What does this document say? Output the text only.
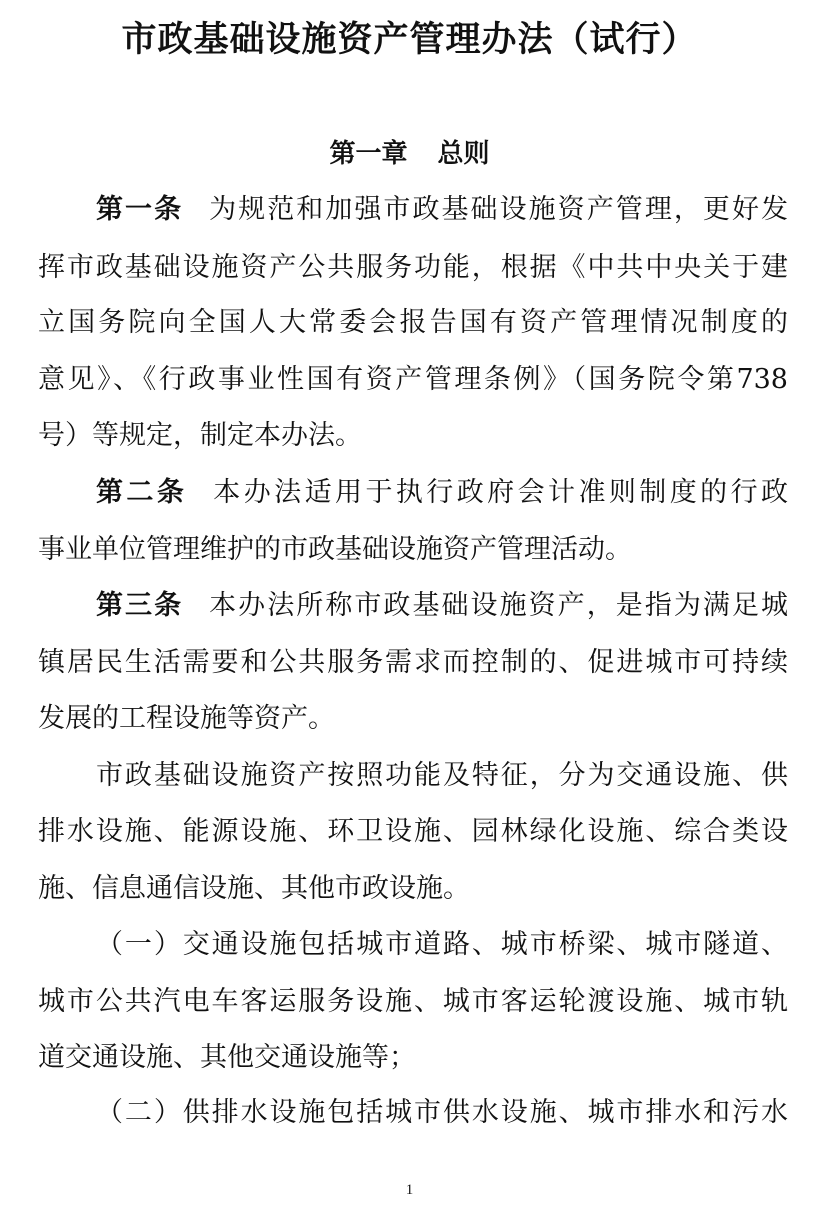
市政基础设施资产管理办法（试行）
第一章 总则
第一条 为规范和加强市政基础设施资产管理，更好发
挥市政基础设施资产公共服务功能，根据《中共中央关于建
立国务院向全国人大常委会报告国有资产管理情况制度的
意见》、《行政事业性国有资产管理条例》（国务院令第738
号）等规定，制定本办法。
第二条 本办法适用于执行政府会计准则制度的行政
事业单位管理维护的市政基础设施资产管理活动。
第三条 本办法所称市政基础设施资产，是指为满足城
镇居民生活需要和公共服务需求而控制的、促进城市可持续
发展的工程设施等资产。
市政基础设施资产按照功能及特征，分为交通设施、供
排水设施、能源设施、环卫设施、园林绿化设施、综合类设
施、信息通信设施、其他市政设施。
（一）交通设施包括城市道路、城市桥梁、城市隧道、
城市公共汽电车客运服务设施、城市客运轮渡设施、城市轨
道交通设施、其他交通设施等；
（二）供排水设施包括城市供水设施、城市排水和污水
1
